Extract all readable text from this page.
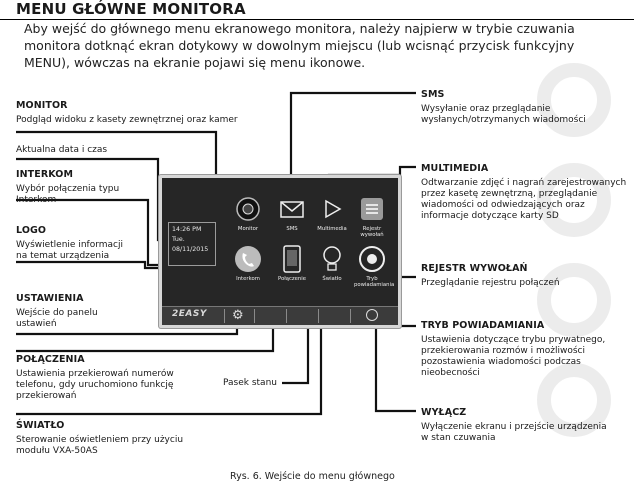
MENU GŁÓWNE MONITORA
Aby wejść do głównego menu ekranowego monitora, należy najpierw w trybie czuwania monitora dotknąć ekran dotykowy w dowolnym miejscu (lub wcisnąć przycisk funkcyjny MENU), wówczas na ekranie pojawi się menu ikonowe.
14:26 PM
Tue.
08/11/2015
Monitor	SMS	Multimedia	Rejestr wywołań
Interkom	Połączenie	Światło	Tryb powiadamiania
2EASY ⚙
MONITOR
Podgląd widoku z kasety zewnętrznej oraz kamer
Aktualna data i czas
INTERKOM
Wybór połączenia typu
Interkom
LOGO
Wyświetlenie informacji
na temat urządzenia
USTAWIENIA
Wejście do panelu
ustawień
POŁĄCZENIA
Ustawienia przekierowań numerów
telefonu, gdy uruchomiono funkcję
przekierowań
ŚWIATŁO
Sterowanie oświetleniem przy użyciu
modułu VXA-50AS
Pasek stanu
SMS
Wysyłanie oraz przeglądanie
wysłanych/otrzymanych wiadomości
MULTIMEDIA
Odtwarzanie zdjęć i nagrań zarejestrowanych
przez kasetę zewnętrzną, przeglądanie
wiadomości od odwiedzających oraz
informacje dotyczące karty SD
REJESTR WYWOŁAŃ
Przeglądanie rejestru połączeń
TRYB POWIADAMIANIA
Ustawienia dotyczące trybu prywatnego,
przekierowania rozmów i możliwości
pozostawienia wiadomości podczas
nieobecności
WYŁĄCZ
Wyłączenie ekranu i przejście urządzenia
w stan czuwania
Rys. 6. Wejście do menu głównego
